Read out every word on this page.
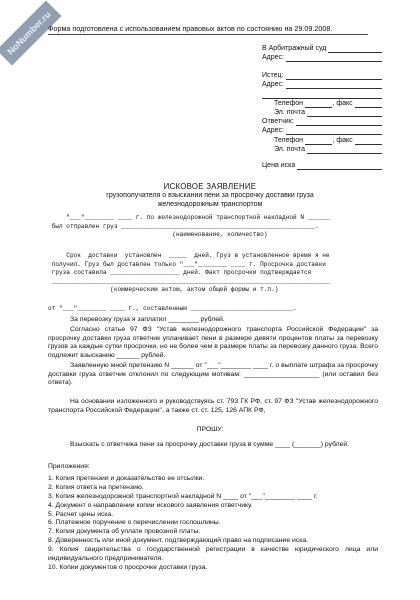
NoNumber.ru
Форма подготовлена с использованием правовых актов по состоянию на 29.09.2008.
В Арбитражный суд
Адрес:
Истец:
Адрес:
Телефон	, факс
Эл. почта
Ответчик:
Адрес:
Телефон	, факс
Эл. почта
Цена иска
ИСКОВОЕ ЗАЯВЛЕНИЕ
грузополучателя о взыскании пени за просрочку доставки груза железнодорожным транспортом
"___"________ ____ г. по железнодорожной транспортной накладной N ______
был отправлен груз _____________________________________________________.
(наименование, количество)
Срок  доставки  установлен  _____  дней. Груз в установленное время я не
получил. Груз был доставлен только "___"________ ____ г. Просрочка доставки
груза составила ___________________ дней. Факт просрочки подтверждается
____________________________________________________________________________
(коммерческим актом, актом общей формы и т.п.)
от "___"________ ____ г., составленным ____________________________.
За перевозку груза я заплатил ________ рублей.
Согласно статье 97 ФЗ "Устав железнодорожного транспорта Российской Федерации" за просрочку доставки груза ответчик уплачивает пени в размере девяти процентов платы за перевозку грузов за каждые сутки просрочки, но не более чем в размере платы за перевозку данного груза. Всего подлежит взысканию ______ рублей.
Заявленную мной претензию N ______ от "___"________ ____ г. о выплате штрафа за просрочку доставки груза ответчик отклонил по следующим мотивам: ____________________ (или оставил без ответа).
На основании изложенного и руководствуясь ст. 793 ГК РФ, ст. 97 ФЗ "Устав железнодорожного транспорта Российской Федерации", а также ст. ст. 125, 126 АПК РФ,
ПРОШУ:
Взыскать с ответчика пени за просрочку доставки груза в сумме ____ (_______) рублей.
Приложения:
1. Копия претензии и доказательство ее отсылки.
2. Копия ответа на претензию.
3. Копия железнодорожной транспортной накладной N ____ от "___"________ ____ г.
4. Документ о направлении копии искового заявления ответчику.
5. Расчет цены иска.
6. Платежное поручение о перечислении госпошлины.
7. Копия документа об уплате провозной платы.
8. Доверенность или иной документ, подтверждающий право на подписание иска.
9. Копия свидетельства о государственной регистрации в качестве юридического лица или индивидуального предпринимателя.
10. Копии документов о просрочке доставки груза.
